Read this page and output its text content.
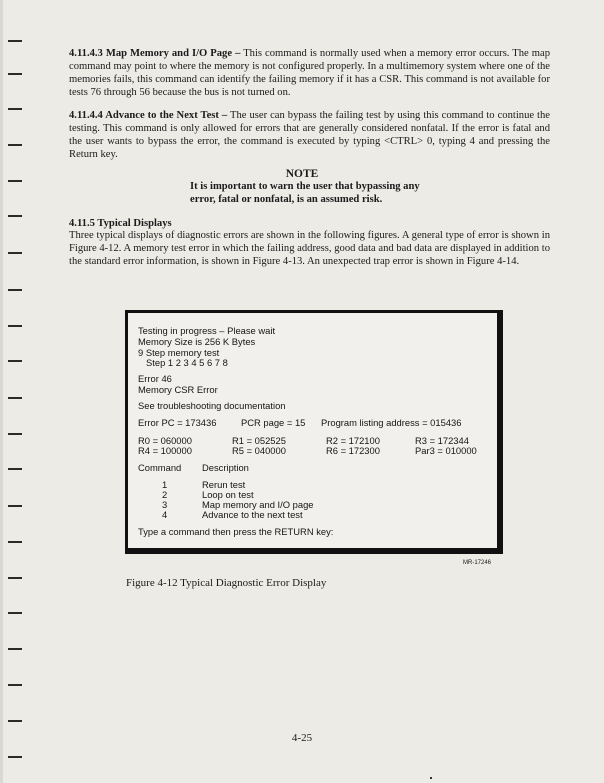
4.11.4.3 Map Memory and I/O Page – This command is normally used when a memory error occurs. The map command may point to where the memory is not configured properly. In a multimemory system where one of the memories fails, this command can identify the failing memory if it has a CSR. This command is not available for tests 76 through 56 because the bus is not turned on.

4.11.4.4 Advance to the Next Test – The user can bypass the failing test by using this command to continue the testing. This command is only allowed for errors that are generally considered nonfatal. If the error is fatal and the user wants to bypass the error, the command is executed by typing <CTRL> 0, typing 4 and pressing the Return key.

NOTE
It is important to warn the user that bypassing any
error, fatal or nonfatal, is an assumed risk.
4.11.5 Typical Displays

Three typical displays of diagnostic errors are shown in the following figures. A general type of error is shown in Figure 4-12. A memory test error in which the failing address, good data and bad data are displayed in addition to the standard error information, is shown in Figure 4-13. An unexpected trap error is shown in Figure 4-14.

Testing in progress – Please wait
Memory Size is 256 K Bytes
9 Step memory test
Step 1 2 3 4 5 6 7 8
Error 46
Memory CSR Error
See troubleshooting documentation
Error PC = 173436	PCR page = 15 Program listing address = 015436
R0 = 060000	R1 = 052525	R2 = 172100	R3 = 172344
R4 = 100000	R5 = 040000	R6 = 172300	Par3 = 010000
Command Description
1	Rerun test
2	Loop on test
3	Map memory and I/O page
4	Advance to the next test
Type a command then press the RETURN key:
MR-17246
Figure 4-12 Typical Diagnostic Error Display
4-25
